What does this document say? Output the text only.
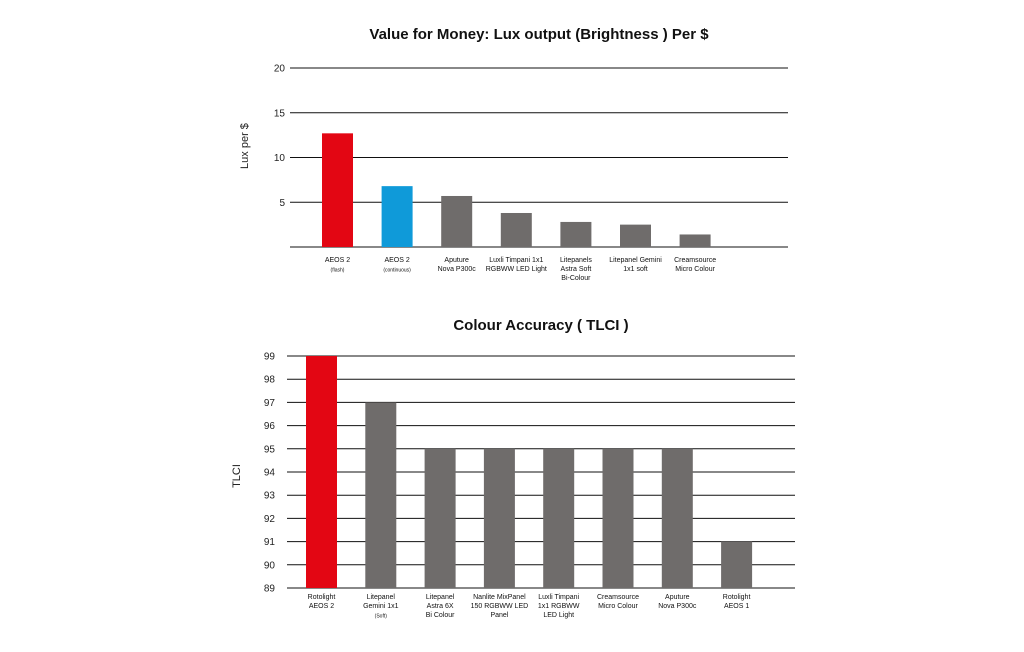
Value for Money: Lux output (Brightness ) Per $
Lux per $
20
15
10
5
AEOS 2
(flash)
AEOS 2
(continuous)
Aputure
Nova P300c
Luxli Timpani 1x1
RGBWW LED Light
Litepanels
Astra Soft
Bi-Colour
Litepanel Gemini
1x1 soft
Creamsource
Micro Colour
Colour Accuracy ( TLCI )
TLCI
99
98
97
96
95
94
93
92
91
90
89
Rotolight
AEOS 2
Litepanel
Gemini 1x1
(Soft)
Litepanel
Astra 6X
Bi Colour
Nanlite MixPanel
150 RGBWW LED
Panel
Luxli Timpani
1x1 RGBWW
LED Light
Creamsource
Micro Colour
Aputure
Nova P300c
Rotolight
AEOS 1
